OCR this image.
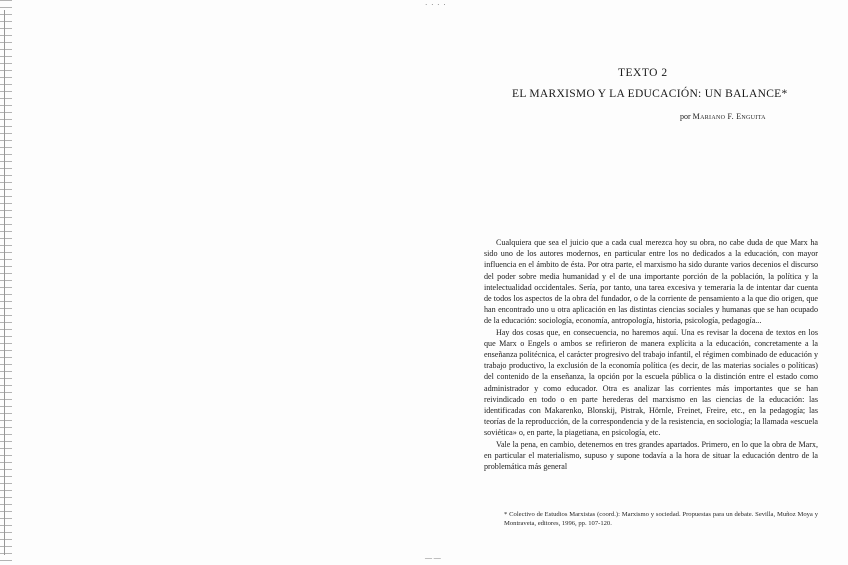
· · · ·
— —
TEXTO 2
EL MARXISMO Y LA EDUCACIÓN: UN BALANCE*
por Mariano F. Enguita

Cualquiera que sea el juicio que a cada cual merezca hoy su obra, no cabe duda de que Marx ha sido uno de los autores modernos, en particular entre los no dedicados a la educación, con mayor influencia en el ámbito de ésta. Por otra parte, el marxismo ha sido durante varios decenios el discurso del poder sobre media humanidad y el de una importante porción de la población, la política y la intelectualidad occidentales. Sería, por tanto, una tarea excesiva y temeraria la de intentar dar cuenta de todos los aspectos de la obra del fundador, o de la corriente de pensamiento a la que dio origen, que han encontrado uno u otra aplicación en las distintas ciencias sociales y humanas que se han ocupado de la educación: sociología, economía, antropología, historia, psicología, pedagogía...

Hay dos cosas que, en consecuencia, no haremos aquí. Una es revisar la docena de textos en los que Marx o Engels o ambos se refirieron de manera explícita a la educación, concretamente a la enseñanza politécnica, el carácter progresivo del trabajo infantil, el régimen combinado de educación y trabajo productivo, la exclusión de la economía política (es decir, de las materias sociales o políticas) del contenido de la enseñanza, la opción por la escuela pública o la distinción entre el estado como administrador y como educador. Otra es analizar las corrientes más importantes que se han reivindicado en todo o en parte herederas del marxismo en las ciencias de la educación: las identificadas con Makarenko, Blonskij, Pistrak, Hörnle, Freinet, Freire, etc., en la pedagogía; las teorías de la reproducción, de la correspondencia y de la resistencia, en sociología; la llamada «escuela soviética» o, en parte, la piagetiana, en psicología, etc.

Vale la pena, en cambio, detenernos en tres grandes apartados. Primero, en lo que la obra de Marx, en particular el materialismo, supuso y supone todavía a la hora de situar la educación dentro de la problemática más general

* Colectivo de Estudios Marxistas (coord.): Marxismo y sociedad. Propuestas para un debate. Sevilla, Muñoz Moya y Montraveta, editores, 1996, pp. 107-120.
